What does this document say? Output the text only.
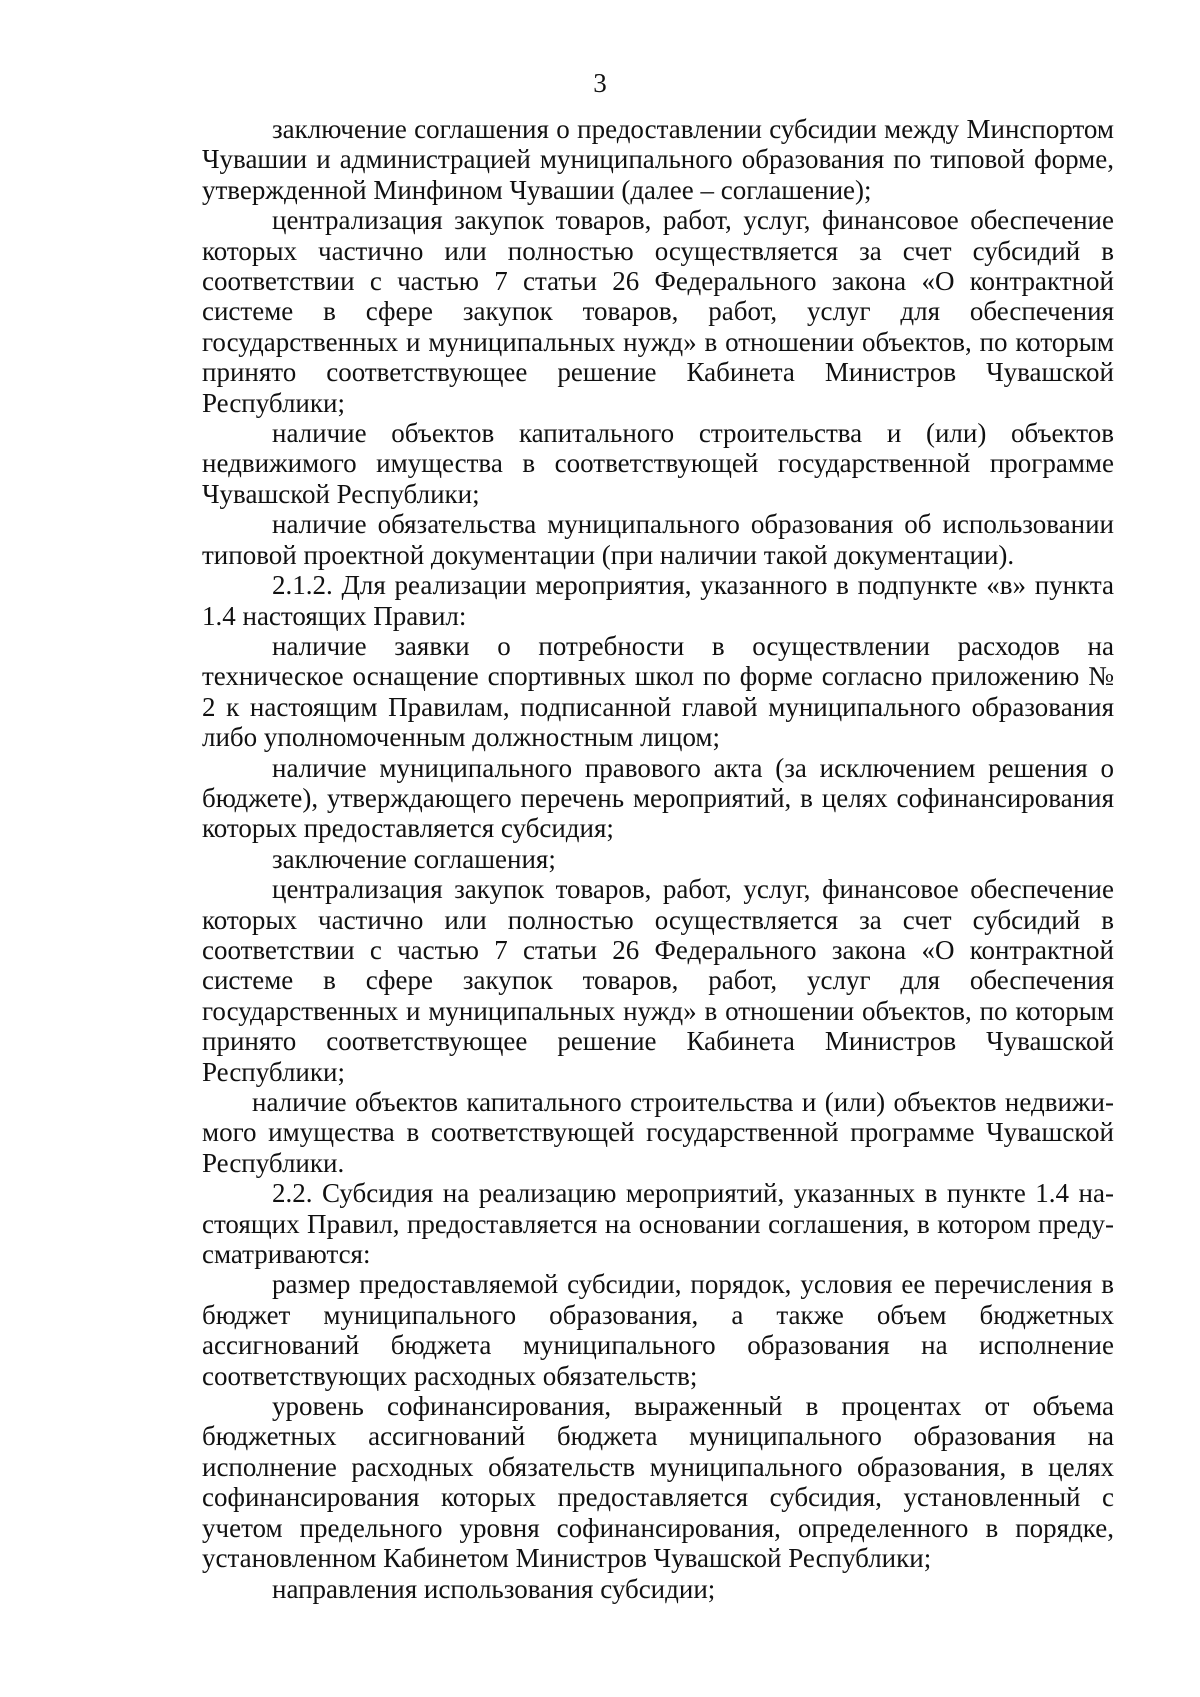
3

заключение соглашения о предоставлении субсидии между Минспортом Чувашии и администрацией муниципального образования по типовой форме, утвержденной Минфином Чувашии (далее – соглашение);

централизация закупок товаров, работ, услуг, финансовое обеспечение которых частично или полностью осуществляется за счет субсидий в соответствии с частью 7 статьи 26 Федерального закона «О контрактной системе в сфере закупок товаров, работ, услуг для обеспечения государственных и муниципальных нужд» в отношении объектов, по которым принято соответствующее решение Кабинета Министров Чувашской Республики;

наличие объектов капитального строительства и (или) объектов недвижимого имущества в соответствующей государственной программе Чувашской Республики;

наличие обязательства муниципального образования об использовании типовой проектной документации (при наличии такой документации).

2.1.2. Для реализации мероприятия, указанного в подпункте «в» пункта 1.4 настоящих Правил:

наличие заявки о потребности в осуществлении расходов на техническое оснащение спортивных школ по форме согласно приложению № 2 к настоящим Правилам, подписанной главой муниципального образования либо уполномоченным должностным лицом;

наличие муниципального правового акта (за исключением решения о бюджете), утверждающего перечень мероприятий, в целях софинансирования которых предоставляется субсидия;

заключение соглашения;

централизация закупок товаров, работ, услуг, финансовое обеспечение которых частично или полностью осуществляется за счет субсидий в соответствии с частью 7 статьи 26 Федерального закона «О контрактной системе в сфере закупок товаров, работ, услуг для обеспечения государственных и муниципальных нужд» в отношении объектов, по которым принято соответствующее решение Кабинета Министров Чувашской Республики;

наличие объектов капитального строительства и (или) объектов недвижимого имущества в соответствующей государственной программе Чувашской Республики.

2.2. Субсидия на реализацию мероприятий, указанных в пункте 1.4 настоящих Правил, предоставляется на основании соглашения, в котором предусматриваются:

размер предоставляемой субсидии, порядок, условия ее перечисления в бюджет муниципального образования, а также объем бюджетных ассигнований бюджета муниципального образования на исполнение соответствующих расходных обязательств;

уровень софинансирования, выраженный в процентах от объема бюджетных ассигнований бюджета муниципального образования на исполнение расходных обязательств муниципального образования, в целях софинансирования которых предоставляется субсидия, установленный с учетом предельного уровня софинансирования, определенного в порядке, установленном Кабинетом Министров Чувашской Республики;

направления использования субсидии;
